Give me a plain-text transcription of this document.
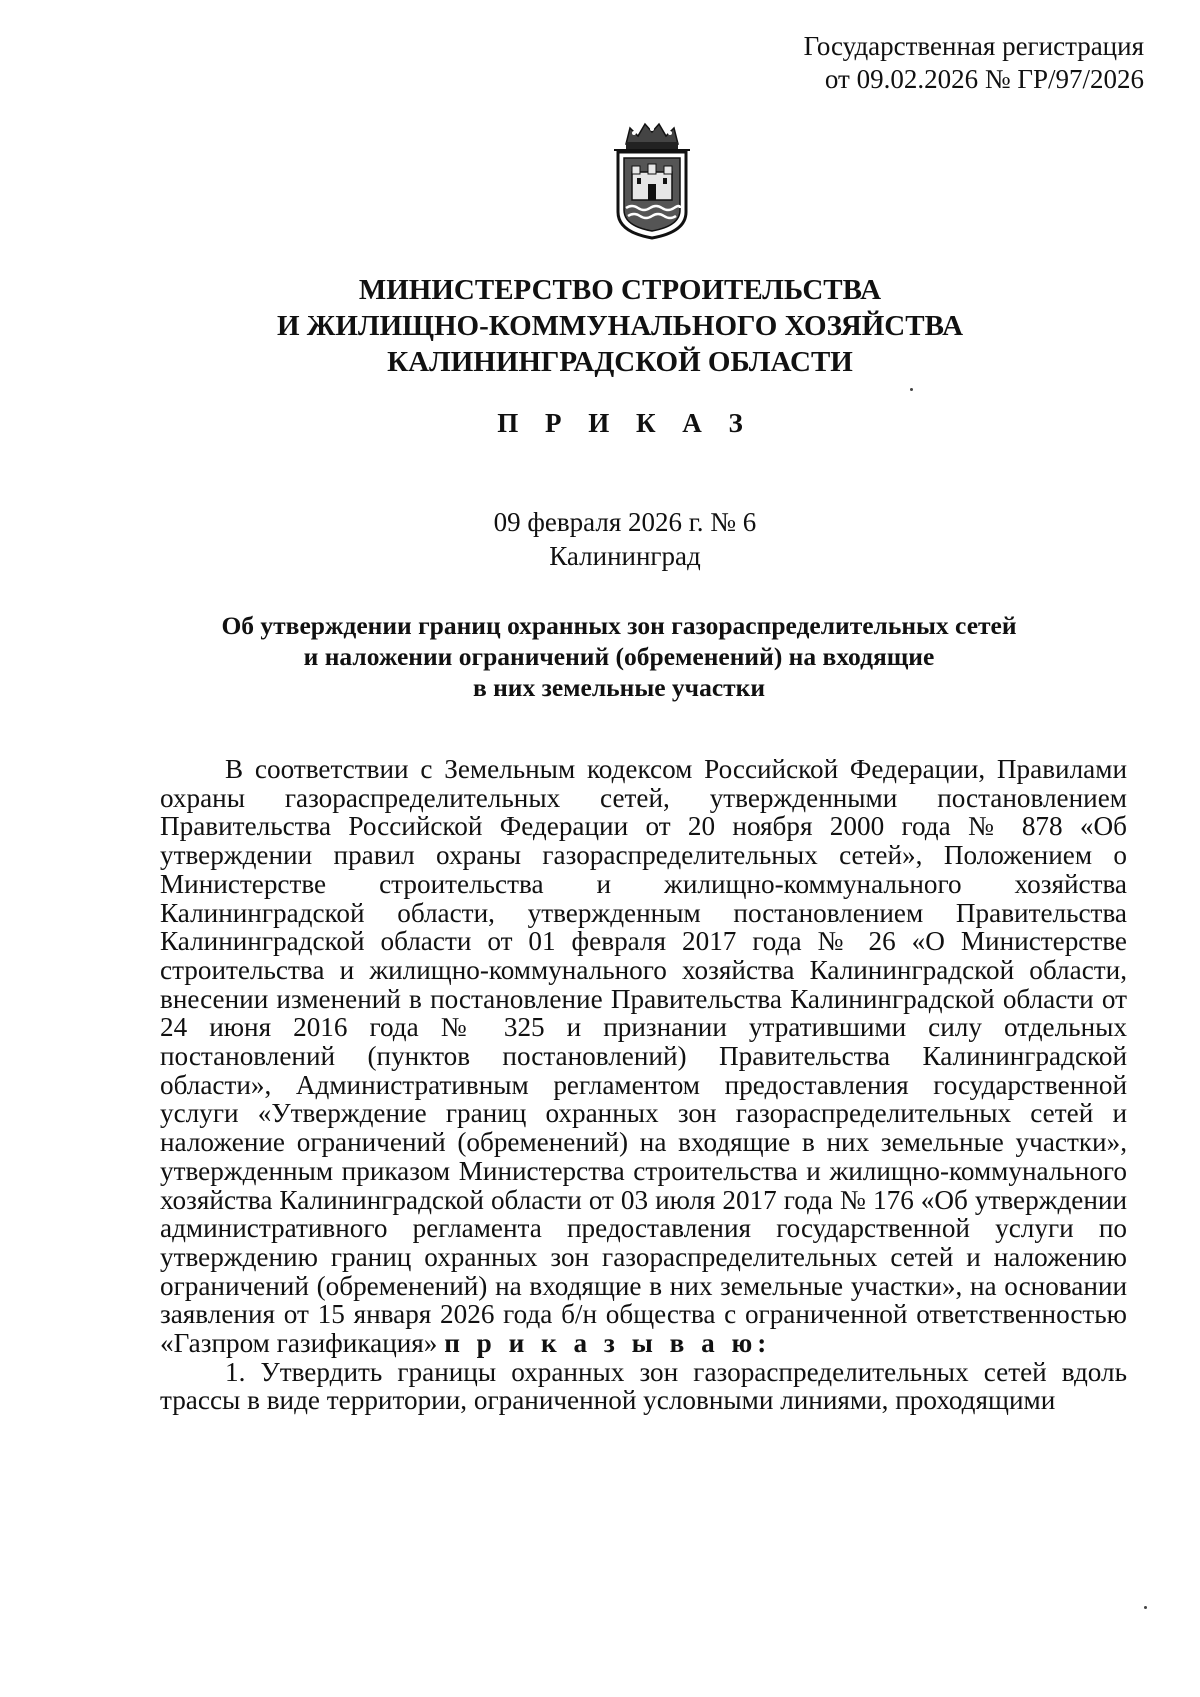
Государственная регистрация
от 09.02.2026 № ГР/97/2026
МИНИСТЕРСТВО СТРОИТЕЛЬСТВА
И ЖИЛИЩНО-КОММУНАЛЬНОГО ХОЗЯЙСТВА
КАЛИНИНГРАДСКОЙ ОБЛАСТИ
П Р И К А З
09 февраля 2026 г. № 6
Калининград
Об утверждении границ охранных зон газораспределительных сетей
и наложении ограничений (обременений) на входящие
в них земельные участки

В соответствии с Земельным кодексом Российской Федерации, Правилами охраны газораспределительных сетей, утвержденными постановлением Правительства Российской Федерации от 20 ноября 2000 года № 878 «Об утверждении правил охраны газораспределительных сетей», Положением о Министерстве строительства и жилищно-коммунального хозяйства Калининградской области, утвержденным постановлением Правительства Калининградской области от 01 февраля 2017 года № 26 «О Министерстве строительства и жилищно-коммунального хозяйства Калининградской области, внесении изменений в постановление Правительства Калининградской области от 24 июня 2016 года № 325 и признании утратившими силу отдельных постановлений (пунктов постановлений) Правительства Калининградской области», Административным регламентом предоставления государственной услуги «Утверждение границ охранных зон газораспределительных сетей и наложение ограничений (обременений) на входящие в них земельные участки», утвержденным приказом Министерства строительства и жилищно-коммунального хозяйства Калининградской области от 03 июля 2017 года № 176 «Об утверждении административного регламента предоставления государственной услуги по утверждению границ охранных зон газораспределительных сетей и наложению ограничений (обременений) на входящие в них земельные участки», на основании заявления от 15 января 2026 года б/н общества с ограниченной ответственностью «Газпром газификация» п р и к а з ы в а ю:

1. Утвердить границы охранных зон газораспределительных сетей вдоль трассы в виде территории, ограниченной условными линиями, проходящими
